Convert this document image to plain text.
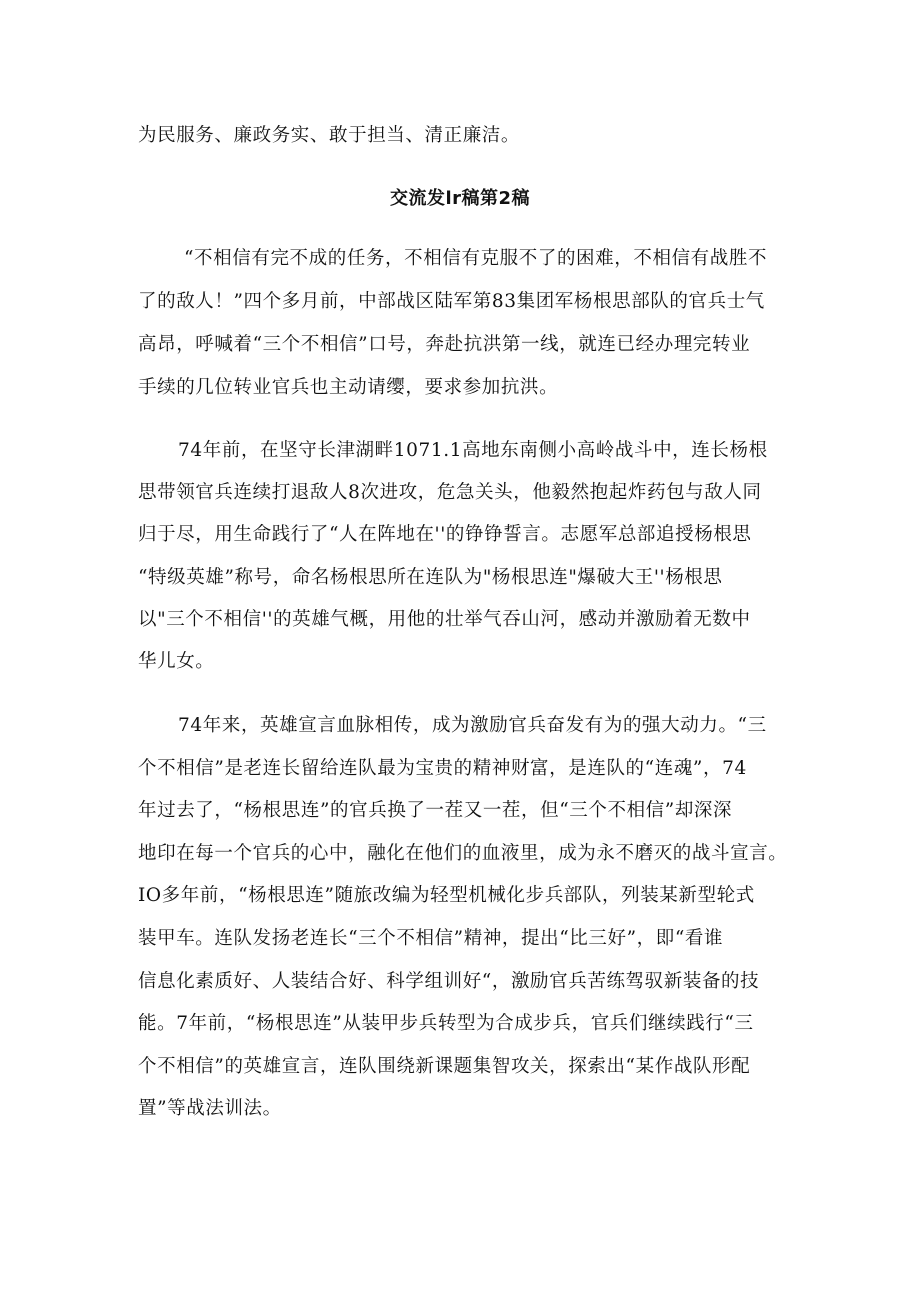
为民服务、廉政务实、敢于担当、清正廉洁。
交流发lr稿第2稿
“不相信有完不成的任务，不相信有克服不了的困难，不相信有战胜不
了的敌人！”四个多月前，中部战区陆军第83集团军杨根思部队的官兵士气
高昂，呼喊着“三个不相信”口号，奔赴抗洪第一线，就连已经办理完转业
手续的几位转业官兵也主动请缨，要求参加抗洪。
74年前，在坚守长津湖畔1071.1高地东南侧小高岭战斗中，连长杨根
思带领官兵连续打退敌人8次进攻，危急关头，他毅然抱起炸药包与敌人同
归于尽，用生命践行了“人在阵地在''的铮铮誓言。志愿军总部追授杨根思
“特级英雄”称号，命名杨根思所在连队为"杨根思连"爆破大王''杨根思
以"三个不相信''的英雄气概，用他的壮举气吞山河，感动并激励着无数中
华儿女。
74年来，英雄宣言血脉相传，成为激励官兵奋发有为的强大动力。“三
个不相信”是老连长留给连队最为宝贵的精神财富，是连队的“连魂”，74
年过去了，“杨根思连”的官兵换了一茬又一茬，但“三个不相信”却深深
地印在每一个官兵的心中，融化在他们的血液里，成为永不磨灭的战斗宣言。
IO多年前，“杨根思连”随旅改编为轻型机械化步兵部队，列装某新型轮式
装甲车。连队发扬老连长“三个不相信”精神，提出“比三好”，即“看谁
信息化素质好、人装结合好、科学组训好“，激励官兵苦练驾驭新装备的技
能。7年前，“杨根思连”从装甲步兵转型为合成步兵，官兵们继续践行“三
个不相信”的英雄宣言，连队围绕新课题集智攻关，探索出“某作战队形配
置”等战法训法。
